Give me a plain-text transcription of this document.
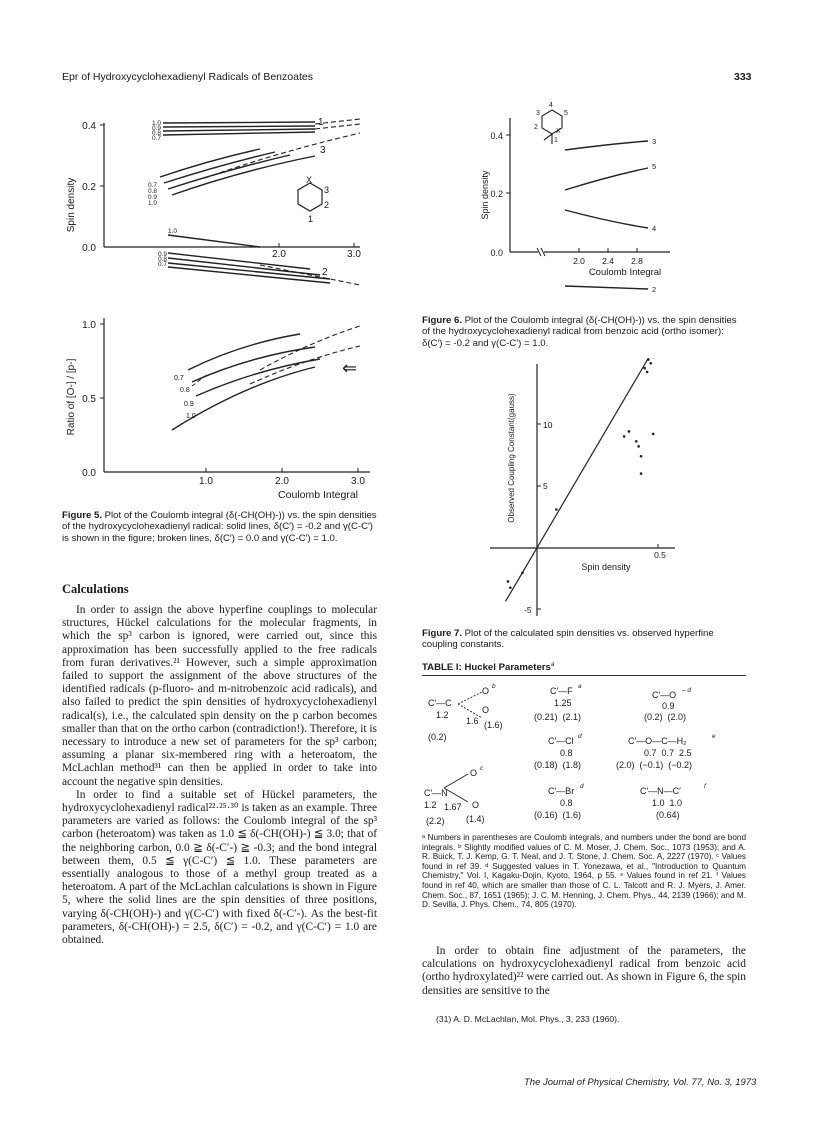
Epr of Hydroxycyclohexadienyl Radicals of Benzoates	333
0.4
0.2
0.0
2.0	3.0
Spin density
1.0
0.9
0.8
0.7
1
0.7
0.8
0.9
1.0
3
1.0
0.9
0.8
0.7
2
X
3
2
1
1.0
0.5
0.0
1.0	2.0	3.0
Coulomb Integral
Ratio of [O-] / [p-]	0.7
0.8
0.9
1.0
⇐
Figure 5. Plot of the Coulomb integral (δ(-CH(OH)-)) vs. the spin densities of the hydroxycyclohexadienyl radical: solid lines, δ(C′) = -0.2 and γ(C-C′) is shown in the figure; broken lines, δ(C′) = 0.0 and γ(C-C′) = 1.0.
Calculations

In order to assign the above hyperfine couplings to molecular structures, Hückel calculations for the molecular fragments, in which the sp³ carbon is ignored, were carried out, since this approximation has been successfully applied to the free radicals from furan derivatives.²¹ However, such a simple approximation failed to support the assignment of the above structures of the identified radicals (p-fluoro- and m-nitrobenzoic acid radicals), and also failed to predict the spin densities of hydroxycyclohexadienyl radical(s), i.e., the calculated spin density on the p carbon becomes smaller than that on the ortho carbon (contradiction!). Therefore, it is necessary to introduce a new set of parameters for the sp³ carbon; assuming a planar six-membered ring with a heteroatom, the McLachlan method³¹ can then be applied in order to take into account the negative spin densities.

In order to find a suitable set of Hückel parameters, the hydroxycyclohexadienyl radical²²·²⁵·³⁰ is taken as an example. Three parameters are varied as follows: the Coulomb integral of the sp³ carbon (heteroatom) was taken as 1.0 ≦ δ(-CH(OH)-) ≦ 3.0; that of the neighboring carbon, 0.0 ≧ δ(-C′-) ≧ -0.3; and the bond integral between them, 0.5 ≦ γ(C-C′) ≦ 1.0. These parameters are essentially analogous to those of a methyl group treated as a heteroatom. A part of the McLachlan calculations is shown in Figure 5, where the solid lines are the spin densities of three positions, varying δ(-CH(OH)-) and γ(C-C′) with fixed δ(-C′-). As the best-fit parameters, δ(-CH(OH)-) = 2.5, δ(C′) = -0.2, and γ(C-C′) = 1.0 are obtained.

0.4
0.2
0.0
2.0 2.4 2.8
Coulomb Integral
Spin density
3
5
4
2
4
3	5
2
X
1
Figure 6. Plot of the Coulomb integral (δ(-CH(OH)-)) vs. the spin densities of the hydroxycyclohexadienyl radical from benzoic acid (ortho isomer): δ(C′) = -0.2 and γ(C-C′) = 1.0.
10
5
-5
0.5
Spin density
Observed Coupling Constant(gauss)
Figure 7. Plot of the calculated spin densities vs. observed hyperfine coupling constants.
TABLE I: Huckel Parameters$^a$
C′—C
O b
O
1.2
1.6 (1.6)
(0.2)
C′—N
O c
1.2 1.67 O
(2.2) (1.4)
C′—F a
1.25
(0.21)  (2.1)
C′—Cl d
0.8
(0.18)  (1.8)
C′—Br d
0.8
(0.16)  (1.6)
C′—O – d
0.9
(0.2)  (2.0)
C′—O—C—H₂	e
0.7  0.7  2.5
(2.0)  (−0.1)  (−0.2)
C′—N—C′	f
1.0  1.0
(0.64)
ᵃ Numbers in parentheses are Coulomb integrals, and numbers under the bond are bond integrals. ᵇ Slightly modified values of C. M. Moser, J. Chem. Soc., 1073 (1953); and A. R. Buick, T. J. Kemp, G. T. Neal, and J. T. Stone, J. Chem. Soc. A, 2227 (1970). ᶜ Values found in ref 39. ᵈ Suggested values in T. Yonezawa, et al., "Introduction to Quantum Chemistry," Vol. I, Kagaku-Dojin, Kyoto, 1964, p 55. ᵉ Values found in ref 21. ᶠ Values found in ref 40, which are smaller than those of C. L. Talcott and R. J. Myers, J. Amer. Chem. Soc., 87, 1651 (1965); J. C. M. Henning, J. Chem. Phys., 44, 2139 (1966); and M. D. Sevilla, J. Phys. Chem., 74, 805 (1970).

In order to obtain fine adjustment of the parameters, the calculations on hydroxycyclohexadienyl radical from benzoic acid (ortho hydroxylated)²² were carried out. As shown in Figure 6, the spin densities are sensitive to the

(31) A. D. McLachlan, Mol. Phys., 3, 233 (1960).
The Journal of Physical Chemistry, Vol. 77, No. 3, 1973
